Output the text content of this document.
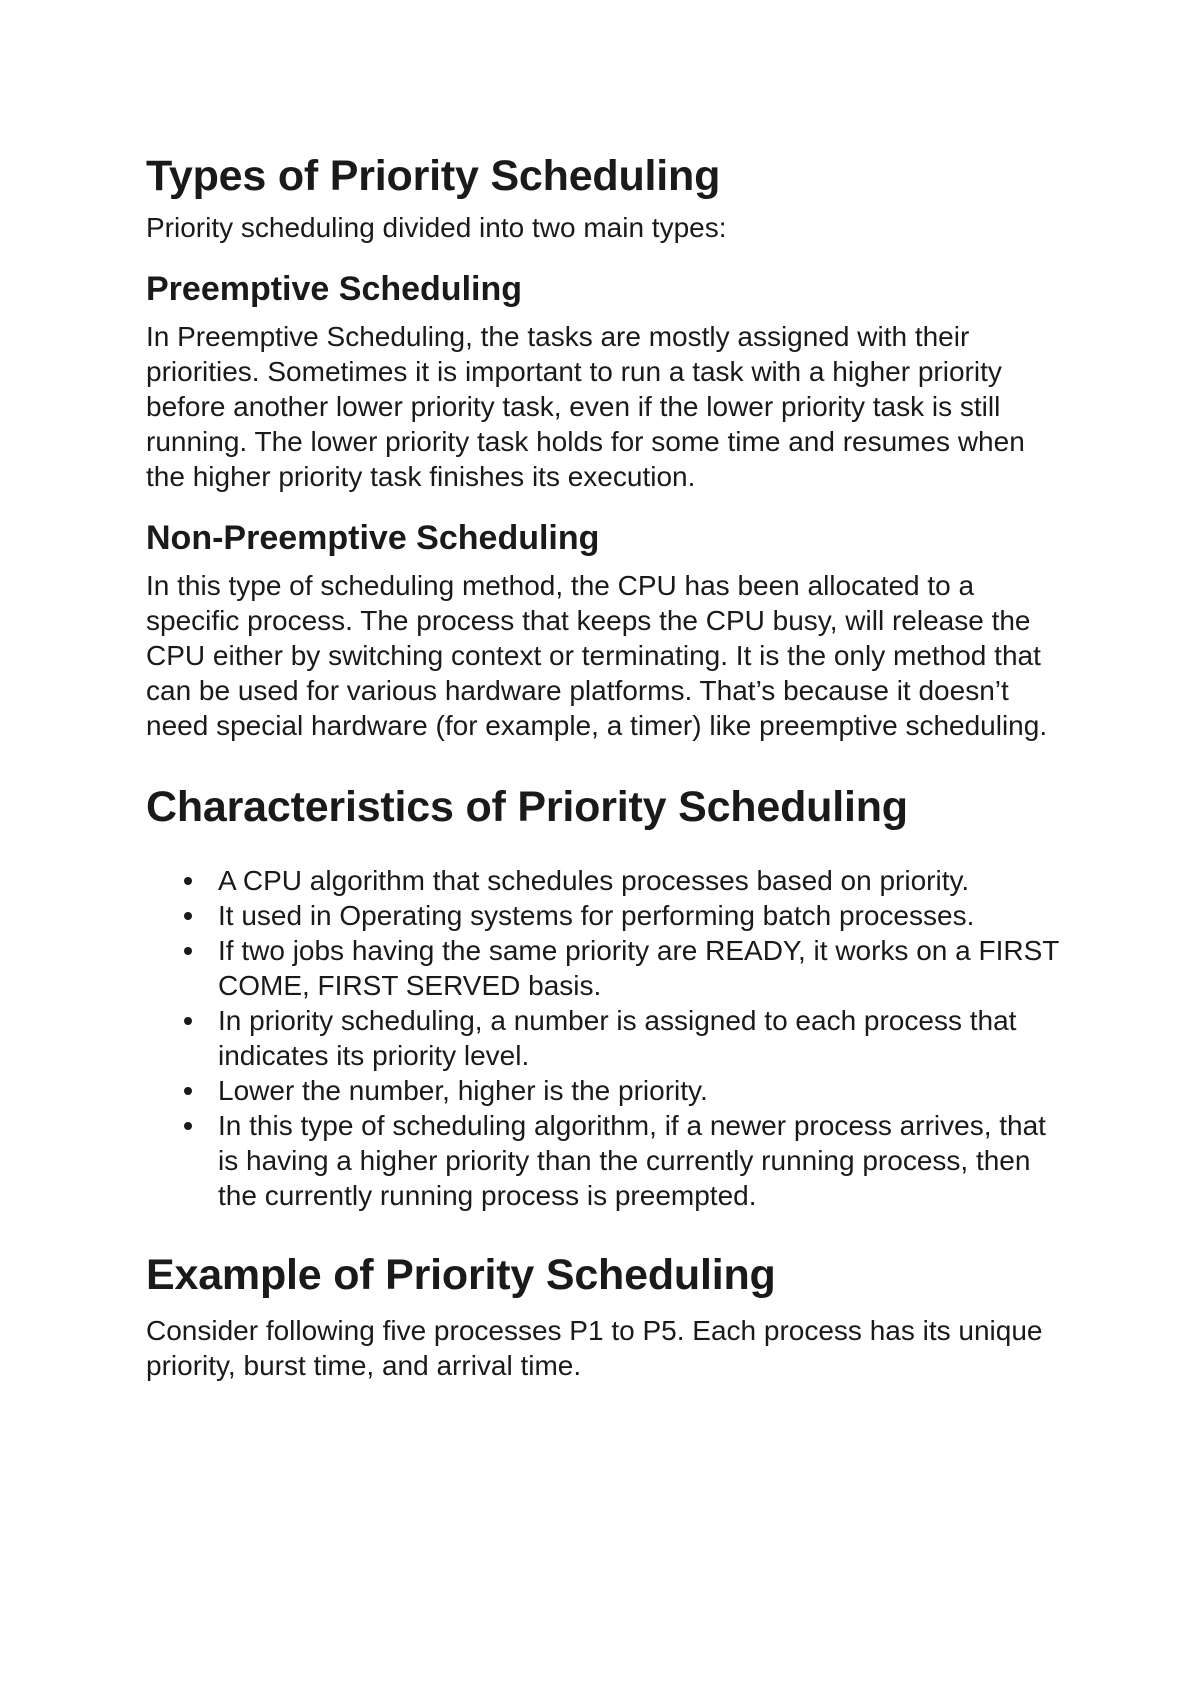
Types of Priority Scheduling

Priority scheduling divided into two main types:

Preemptive Scheduling

In Preemptive Scheduling, the tasks are mostly assigned with their priorities. Sometimes it is important to run a task with a higher priority before another lower priority task, even if the lower priority task is still running. The lower priority task holds for some time and resumes when the higher priority task finishes its execution.

Non-Preemptive Scheduling

In this type of scheduling method, the CPU has been allocated to a specific process. The process that keeps the CPU busy, will release the CPU either by switching context or terminating. It is the only method that can be used for various hardware platforms. That’s because it doesn’t need special hardware (for example, a timer) like preemptive scheduling.

Characteristics of Priority Scheduling
A CPU algorithm that schedules processes based on priority.
It used in Operating systems for performing batch processes.
If two jobs having the same priority are READY, it works on a FIRST COME, FIRST SERVED basis.
In priority scheduling, a number is assigned to each process that indicates its priority level.
Lower the number, higher is the priority.
In this type of scheduling algorithm, if a newer process arrives, that is having a higher priority than the currently running process, then the currently running process is preempted.
Example of Priority Scheduling

Consider following five processes P1 to P5. Each process has its unique priority, burst time, and arrival time.
